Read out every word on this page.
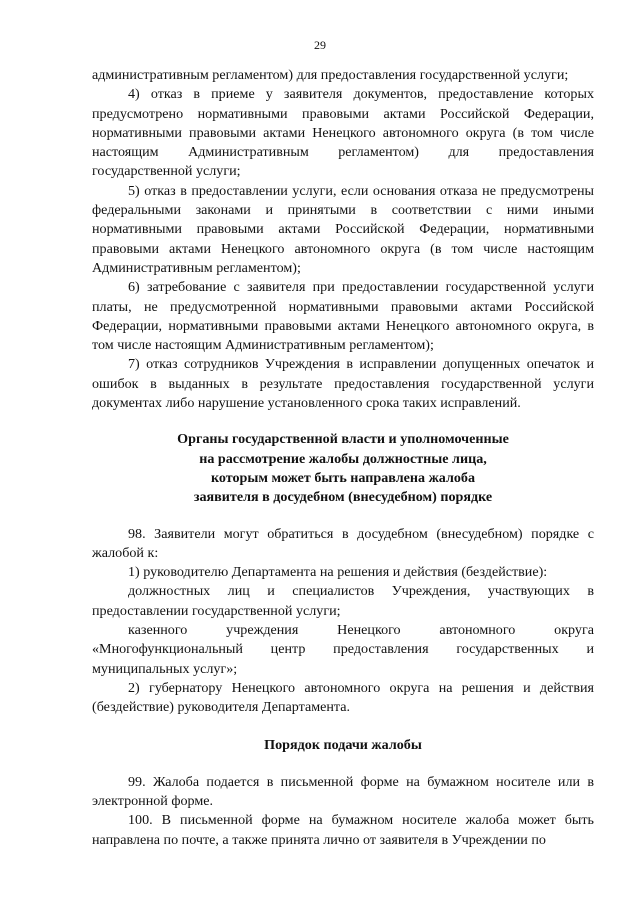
29

административным регламентом) для предоставления государственной услуги;

4) отказ в приеме у заявителя документов, предоставление которых предусмотрено нормативными правовыми актами Российской Федерации, нормативными правовыми актами Ненецкого автономного округа (в том числе настоящим Административным регламентом) для предоставления государственной услуги;

5) отказ в предоставлении услуги, если основания отказа не предусмотрены федеральными законами и принятыми в соответствии с ними иными нормативными правовыми актами Российской Федерации, нормативными правовыми актами Ненецкого автономного округа (в том числе настоящим Административным регламентом);

6) затребование с заявителя при предоставлении государственной услуги платы, не предусмотренной нормативными правовыми актами Российской Федерации, нормативными правовыми актами Ненецкого автономного округа, в том числе настоящим Административным регламентом);

7) отказ сотрудников Учреждения в исправлении допущенных опечаток и ошибок в выданных в результате предоставления государственной услуги документах либо нарушение установленного срока таких исправлений.

Органы государственной власти и уполномоченные
на рассмотрение жалобы должностные лица,
которым может быть направлена жалоба
заявителя в досудебном (внесудебном) порядке

98. Заявители могут обратиться в досудебном (внесудебном) порядке с жалобой к:

1) руководителю Департамента на решения и действия (бездействие):

должностных лиц и специалистов Учреждения, участвующих в предоставлении государственной услуги;

казенного учреждения Ненецкого автономного округа «Многофункциональный центр предоставления государственных и муниципальных услуг»;

2) губернатору Ненецкого автономного округа на решения и действия (бездействие) руководителя Департамента.

Порядок подачи жалобы

99. Жалоба подается в письменной форме на бумажном носителе или в электронной форме.

100. В письменной форме на бумажном носителе жалоба может быть направлена по почте, а также принята лично от заявителя в Учреждении по
